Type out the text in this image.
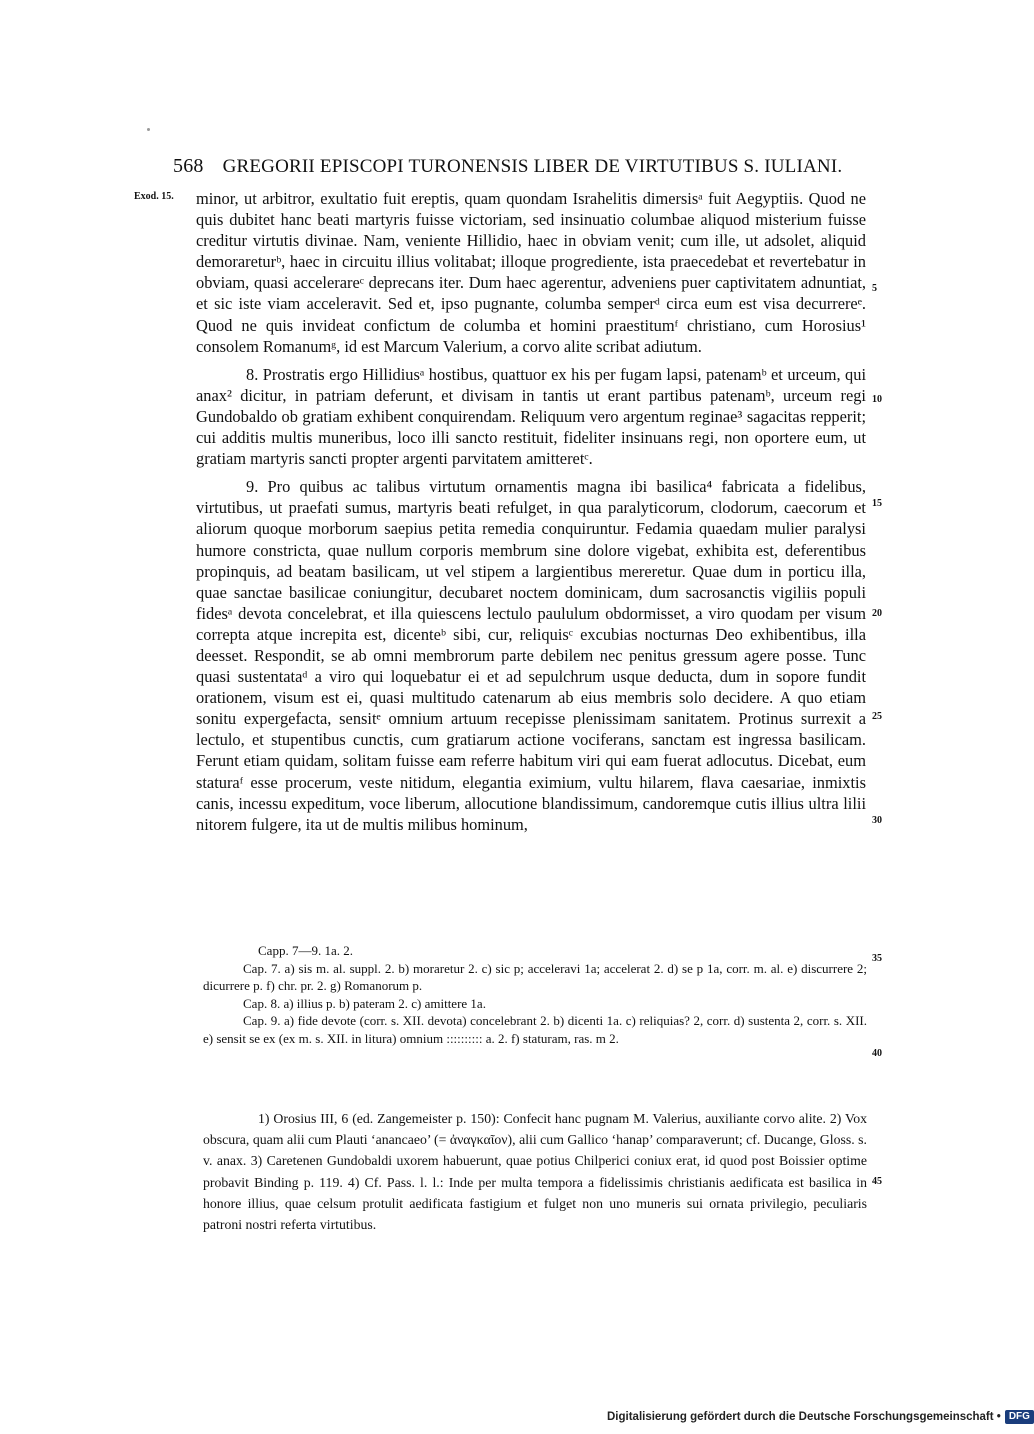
568 GREGORII EPISCOPI TURONENSIS LIBER DE VIRTUTIBUS S. IULIANI.
Exod. 15.
5
10
15
20
25
30
35
40
45

minor, ut arbitror, exultatio fuit ereptis, quam quondam Israhelitis dimersisᵃ fuit Aegyptiis. Quod ne quis dubitet hanc beati martyris fuisse victoriam, sed insinuatio columbae aliquod misterium fuisse creditur virtutis divinae. Nam, veniente Hillidio, haec in obviam venit; cum ille, ut adsolet, aliquid demorareturᵇ, haec in circuitu illius volitabat; illoque progrediente, ista praecedebat et revertebatur in obviam, quasi accelerareᶜ deprecans iter. Dum haec agerentur, adveniens puer captivitatem adnuntiat, et sic iste viam acceleravit. Sed et, ipso pugnante, columba semperᵈ circa eum est visa decurrereᵉ. Quod ne quis invideat confictum de columba et homini praestitumᶠ christiano, cum Horosius¹ consolem Romanumᵍ, id est Marcum Valerium, a corvo alite scribat adiutum.

8. Prostratis ergo Hillidiusᵃ hostibus, quattuor ex his per fugam lapsi, patenamᵇ et urceum, qui anax² dicitur, in patriam deferunt, et divisam in tantis ut erant partibus patenamᵇ, urceum regi Gundobaldo ob gratiam exhibent conquirendam. Reliquum vero argentum reginae³ sagacitas repperit; cui additis multis muneribus, loco illi sancto restituit, fideliter insinuans regi, non oportere eum, ut gratiam martyris sancti propter argenti parvitatem amitteretᶜ.

9. Pro quibus ac talibus virtutum ornamentis magna ibi basilica⁴ fabricata a fidelibus, virtutibus, ut praefati sumus, martyris beati refulget, in qua paralyticorum, clodorum, caecorum et aliorum quoque morborum saepius petita remedia conquiruntur. Fedamia quaedam mulier paralysi humore constricta, quae nullum corporis membrum sine dolore vigebat, exhibita est, deferentibus propinquis, ad beatam basilicam, ut vel stipem a largientibus mereretur. Quae dum in porticu illa, quae sanctae basilicae coniungitur, decubaret noctem dominicam, dum sacrosanctis vigiliis populi fidesᵃ devota concelebrat, et illa quiescens lectulo paululum obdormisset, a viro quodam per visum correpta atque increpita est, dicenteᵇ sibi, cur, reliquisᶜ excubias nocturnas Deo exhibentibus, illa deesset. Respondit, se ab omni membrorum parte debilem nec penitus gressum agere posse. Tunc quasi sustentataᵈ a viro qui loquebatur ei et ad sepulchrum usque deducta, dum in sopore fundit orationem, visum est ei, quasi multitudo catenarum ab eius membris solo decidere. A quo etiam sonitu expergefacta, sensitᵉ omnium artuum recepisse plenissimam sanitatem. Protinus surrexit a lectulo, et stupentibus cunctis, cum gratiarum actione vociferans, sanctam est ingressa basilicam. Ferunt etiam quidam, solitam fuisse eam referre habitum viri qui eam fuerat adlocutus. Dicebat, eum staturaᶠ esse procerum, veste nitidum, elegantia eximium, vultu hilarem, flava caesariae, inmixtis canis, incessu expeditum, voce liberum, allocutione blandissimum, candoremque cutis illius ultra lilii nitorem fulgere, ita ut de multis milibus hominum,

Capp. 7—9. 1a. 2.

Cap. 7. a) sis m. al. suppl. 2. b) moraretur 2. c) sic p; acceleravi 1a; accelerat 2. d) se p 1a, corr. m. al. e) discurrere 2; dicurrere p. f) chr. pr. 2. g) Romanorum p.

Cap. 8. a) illius p. b) pateram 2. c) amittere 1a.

Cap. 9. a) fide devote (corr. s. XII. devota) concelebrant 2. b) dicenti 1a. c) reliquias? 2, corr. d) sustenta 2, corr. s. XII. e) sensit se ex (ex m. s. XII. in litura) omnium :::::::::: a. 2. f) staturam, ras. m 2.

1) Orosius III, 6 (ed. Zangemeister p. 150): Confecit hanc pugnam M. Valerius, auxiliante corvo alite. 2) Vox obscura, quam alii cum Plauti ‘anancaeo’ (= ἀναγκαῖον), alii cum Gallico ‘hanap’ comparaverunt; cf. Ducange, Gloss. s. v. anax. 3) Caretenen Gundobaldi uxorem habuerunt, quae potius Chilperici coniux erat, id quod post Boissier optime probavit Binding p. 119. 4) Cf. Pass. l. l.: Inde per multa tempora a fidelissimis christianis aedificata est basilica in honore illius, quae celsum protulit aedificata fastigium et fulget non uno muneris sui ornata privilegio, peculiaris patroni nostri referta virtutibus.

Digitalisierung gefördert durch die Deutsche Forschungsgemeinschaft • DFG
